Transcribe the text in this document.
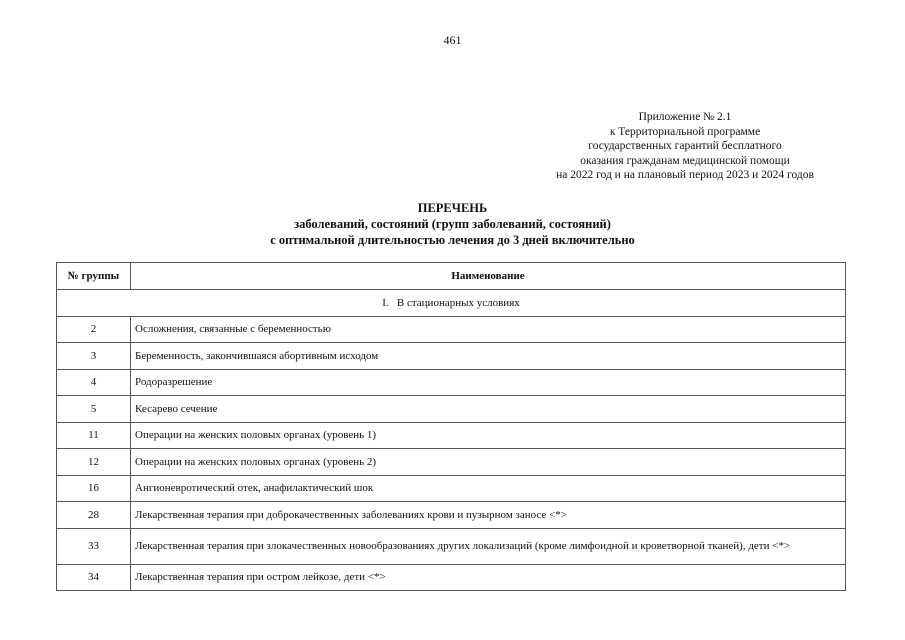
461
Приложение № 2.1
к Территориальной программе
государственных гарантий бесплатного
оказания гражданам медицинской помощи
на 2022 год и на плановый период 2023 и 2024 годов
ПЕРЕЧЕНЬ
заболеваний, состояний (групп заболеваний, состояний)
с оптимальной длительностью лечения до 3 дней включительно
№ группы	Наименование
I.   В стационарных условиях	
2	Осложнения, связанные с беременностью
3	Беременность, закончившаяся абортивным исходом
4	Родоразрешение
5	Кесарево сечение
11	Операции на женских половых органах (уровень 1)
12	Операции на женских половых органах (уровень 2)
16	Ангионевротический отек, анафилактический шок
28	Лекарственная терапия при доброкачественных заболеваниях крови и пузырном заносе <*>
33	Лекарственная терапия при злокачественных новообразованиях других локализаций (кроме лимфоидной и кроветворной тканей), дети <*>
34	Лекарственная терапия при остром лейкозе, дети <*>
